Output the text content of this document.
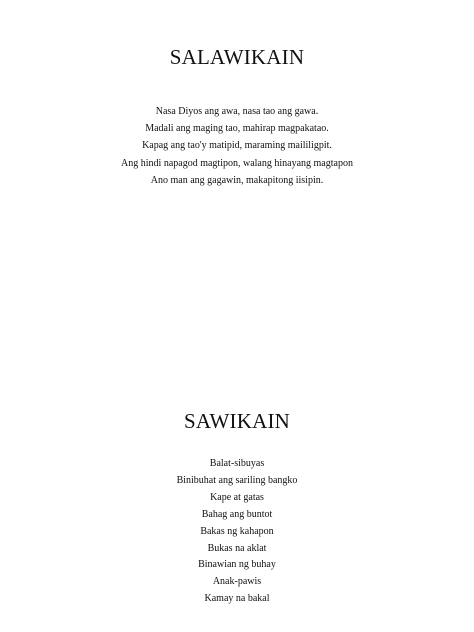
SALAWIKAIN
Nasa Diyos ang awa, nasa tao ang gawa.
Madali ang maging tao, mahirap magpakatao.
Kapag ang tao'y matipid, maraming maililigpit.
Ang hindi napagod magtipon, walang hinayang magtapon
Ano man ang gagawin, makapitong iisipin.
SAWIKAIN
Balat-sibuyas
Binibuhat ang sariling bangko
Kape at gatas
Bahag ang buntot
Bakas ng kahapon
Bukas na aklat
Binawian ng buhay
Anak-pawis
Kamay na bakal
